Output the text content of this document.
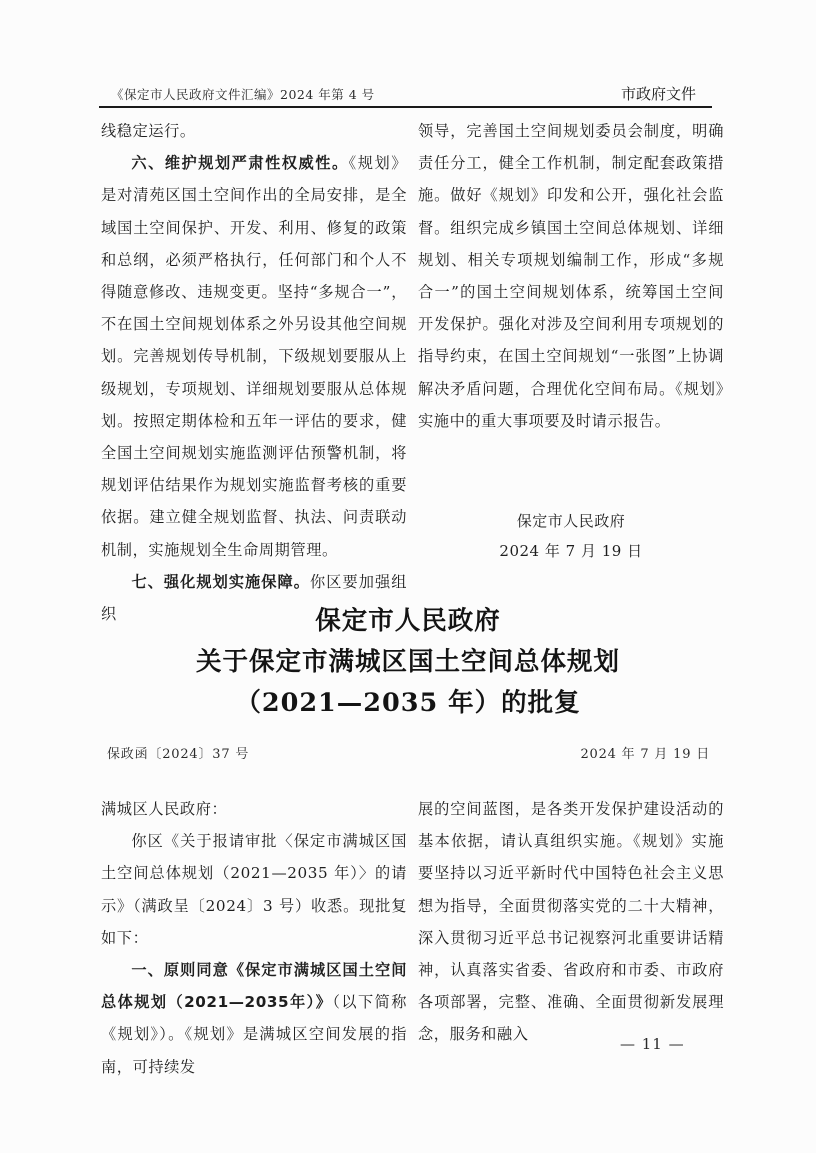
《保定市人民政府文件汇编》2024 年第 4 号	市政府文件

线稳定运行。

六、维护规划严肃性权威性。《规划》是对清苑区国土空间作出的全局安排，是全域国土空间保护、开发、利用、修复的政策和总纲，必须严格执行，任何部门和个人不得随意修改、违规变更。坚持“多规合一”，不在国土空间规划体系之外另设其他空间规划。完善规划传导机制，下级规划要服从上级规划，专项规划、详细规划要服从总体规划。按照定期体检和五年一评估的要求，健全国土空间规划实施监测评估预警机制，将规划评估结果作为规划实施监督考核的重要依据。建立健全规划监督、执法、问责联动机制，实施规划全生命周期管理。

七、强化规划实施保障。你区要加强组织

领导，完善国土空间规划委员会制度，明确责任分工，健全工作机制，制定配套政策措施。做好《规划》印发和公开，强化社会监督。组织完成乡镇国土空间总体规划、详细规划、相关专项规划编制工作，形成“多规合一”的国土空间规划体系，统筹国土空间开发保护。强化对涉及空间利用专项规划的指导约束，在国土空间规划“一张图”上协调解决矛盾问题，合理优化空间布局。《规划》实施中的重大事项要及时请示报告。

保定市人民政府
2024 年 7 月 19 日
保定市人民政府
关于保定市满城区国土空间总体规划
（2021—2035 年）的批复
保政函〔2024〕37 号	2024 年 7 月 19 日

满城区人民政府：

你区《关于报请审批〈保定市满城区国土空间总体规划（2021—2035 年）〉的请示》（满政呈〔2024〕3 号）收悉。现批复如下：

一、原则同意《保定市满城区国土空间总体规划（2021—2035年）》（以下简称《规划》）。《规划》是满城区空间发展的指南，可持续发

展的空间蓝图，是各类开发保护建设活动的基本依据，请认真组织实施。《规划》实施要坚持以习近平新时代中国特色社会主义思想为指导，全面贯彻落实党的二十大精神，深入贯彻习近平总书记视察河北重要讲话精神，认真落实省委、省政府和市委、市政府各项部署，完整、准确、全面贯彻新发展理念，服务和融入

— 11 —
